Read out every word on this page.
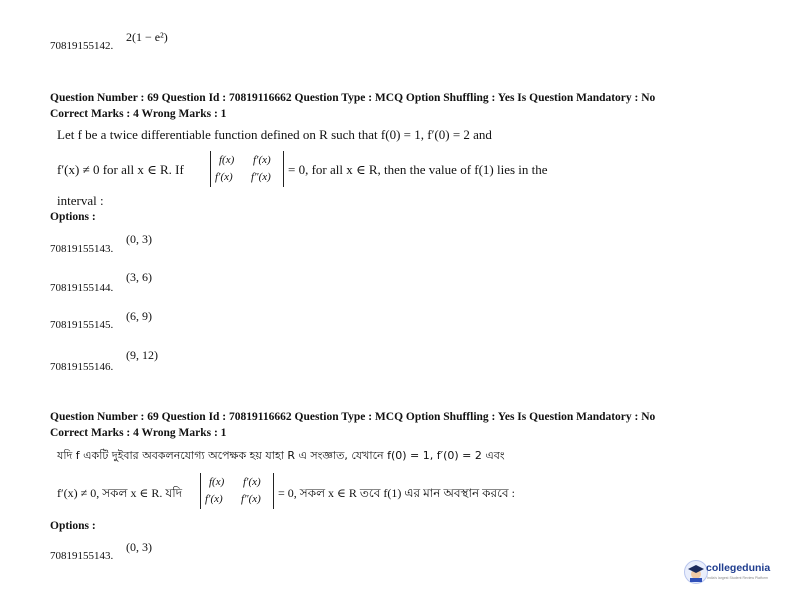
70819155142.
2(1 − e²)
Question Number : 69 Question Id : 70819116662 Question Type : MCQ Option Shuffling : Yes Is Question Mandatory : No
Correct Marks : 4 Wrong Marks : 1
Let f be a twice differentiable function defined on R such that f(0) = 1, f′(0) = 2 and
f′(x) ≠ 0 for all x ∈ R. If
f(x) f′(x)
f′(x) f″(x) = 0, for all x ∈ R, then the value of f(1) lies in the
interval :
Options :
70819155143.
(0, 3)
70819155144.
(3, 6)
70819155145.
(6, 9)
70819155146.
(9, 12)
Question Number : 69 Question Id : 70819116662 Question Type : MCQ Option Shuffling : Yes Is Question Mandatory : No
Correct Marks : 4 Wrong Marks : 1
যদি f একটি দুইবার অবকলনযোগ্য অপেক্ষক হয় যাহা R এ সংজ্ঞাত, যেখানে f(0) = 1, f′(0) = 2 এবং
f′(x) ≠ 0, সকল x ∈ R. যদি
f(x) f′(x)
f′(x) f″(x) = 0, সকল x ∈ R তবে f(1) এর মান অবস্থান করবে :
Options :
70819155143.
(0, 3)
collegedunia
India's largest Student Review Platform
